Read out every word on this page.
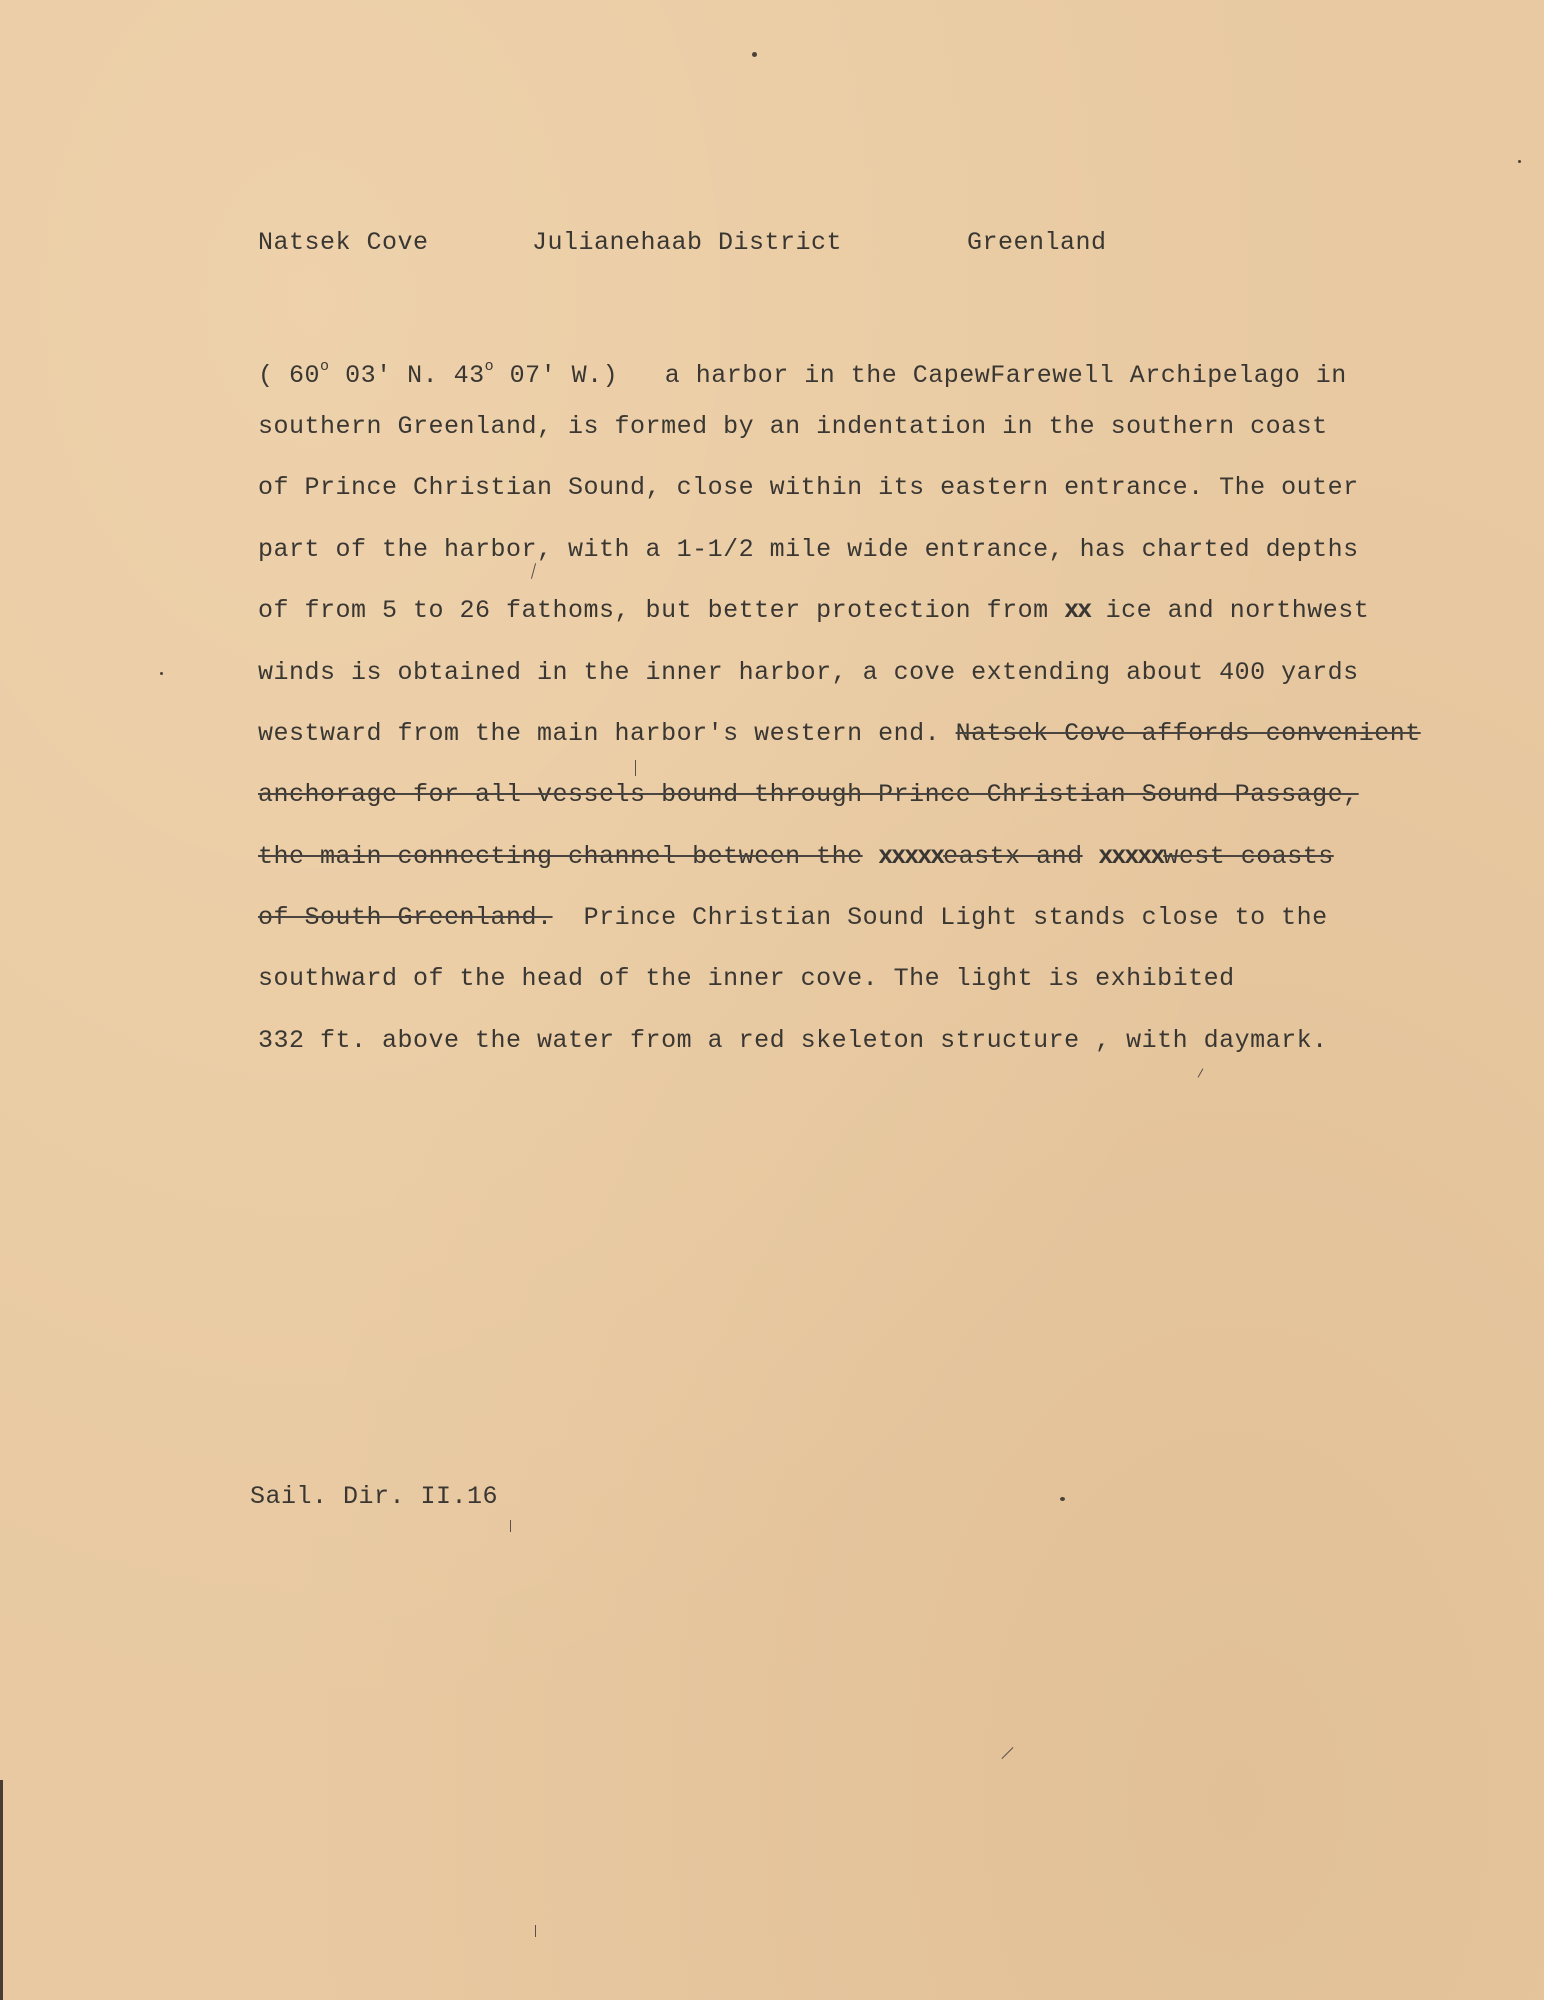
Natsek Cove	Julianehaab District	Greenland
( 60$^o$ 03' N. 43$^o$ 07' W.) a harbor in the CapewFarewell Archipelago in
southern Greenland, is formed by an indentation in the southern coast
of Prince Christian Sound, close within its eastern entrance. The outer
part of the harbor, with a 1-1/2 mile wide entrance, has charted depths
of from 5 to 26 fathoms, but better protection from xx ice and northwest
winds is obtained in the inner harbor, a cove extending about 400 yards
westward from the main harbor's western end. Natsek Cove affords convenient
anchorage for all vessels bound through Prince Christian Sound Passage,
the main connecting channel between the xxxxxeastx and xxxxxwest coasts
of South Greenland. Prince Christian Sound Light stands close to the
southward of the head of the inner cove. The light is exhibited
332 ft. above the water from a red skeleton structure , with daymark.
Sail. Dir. II.16
